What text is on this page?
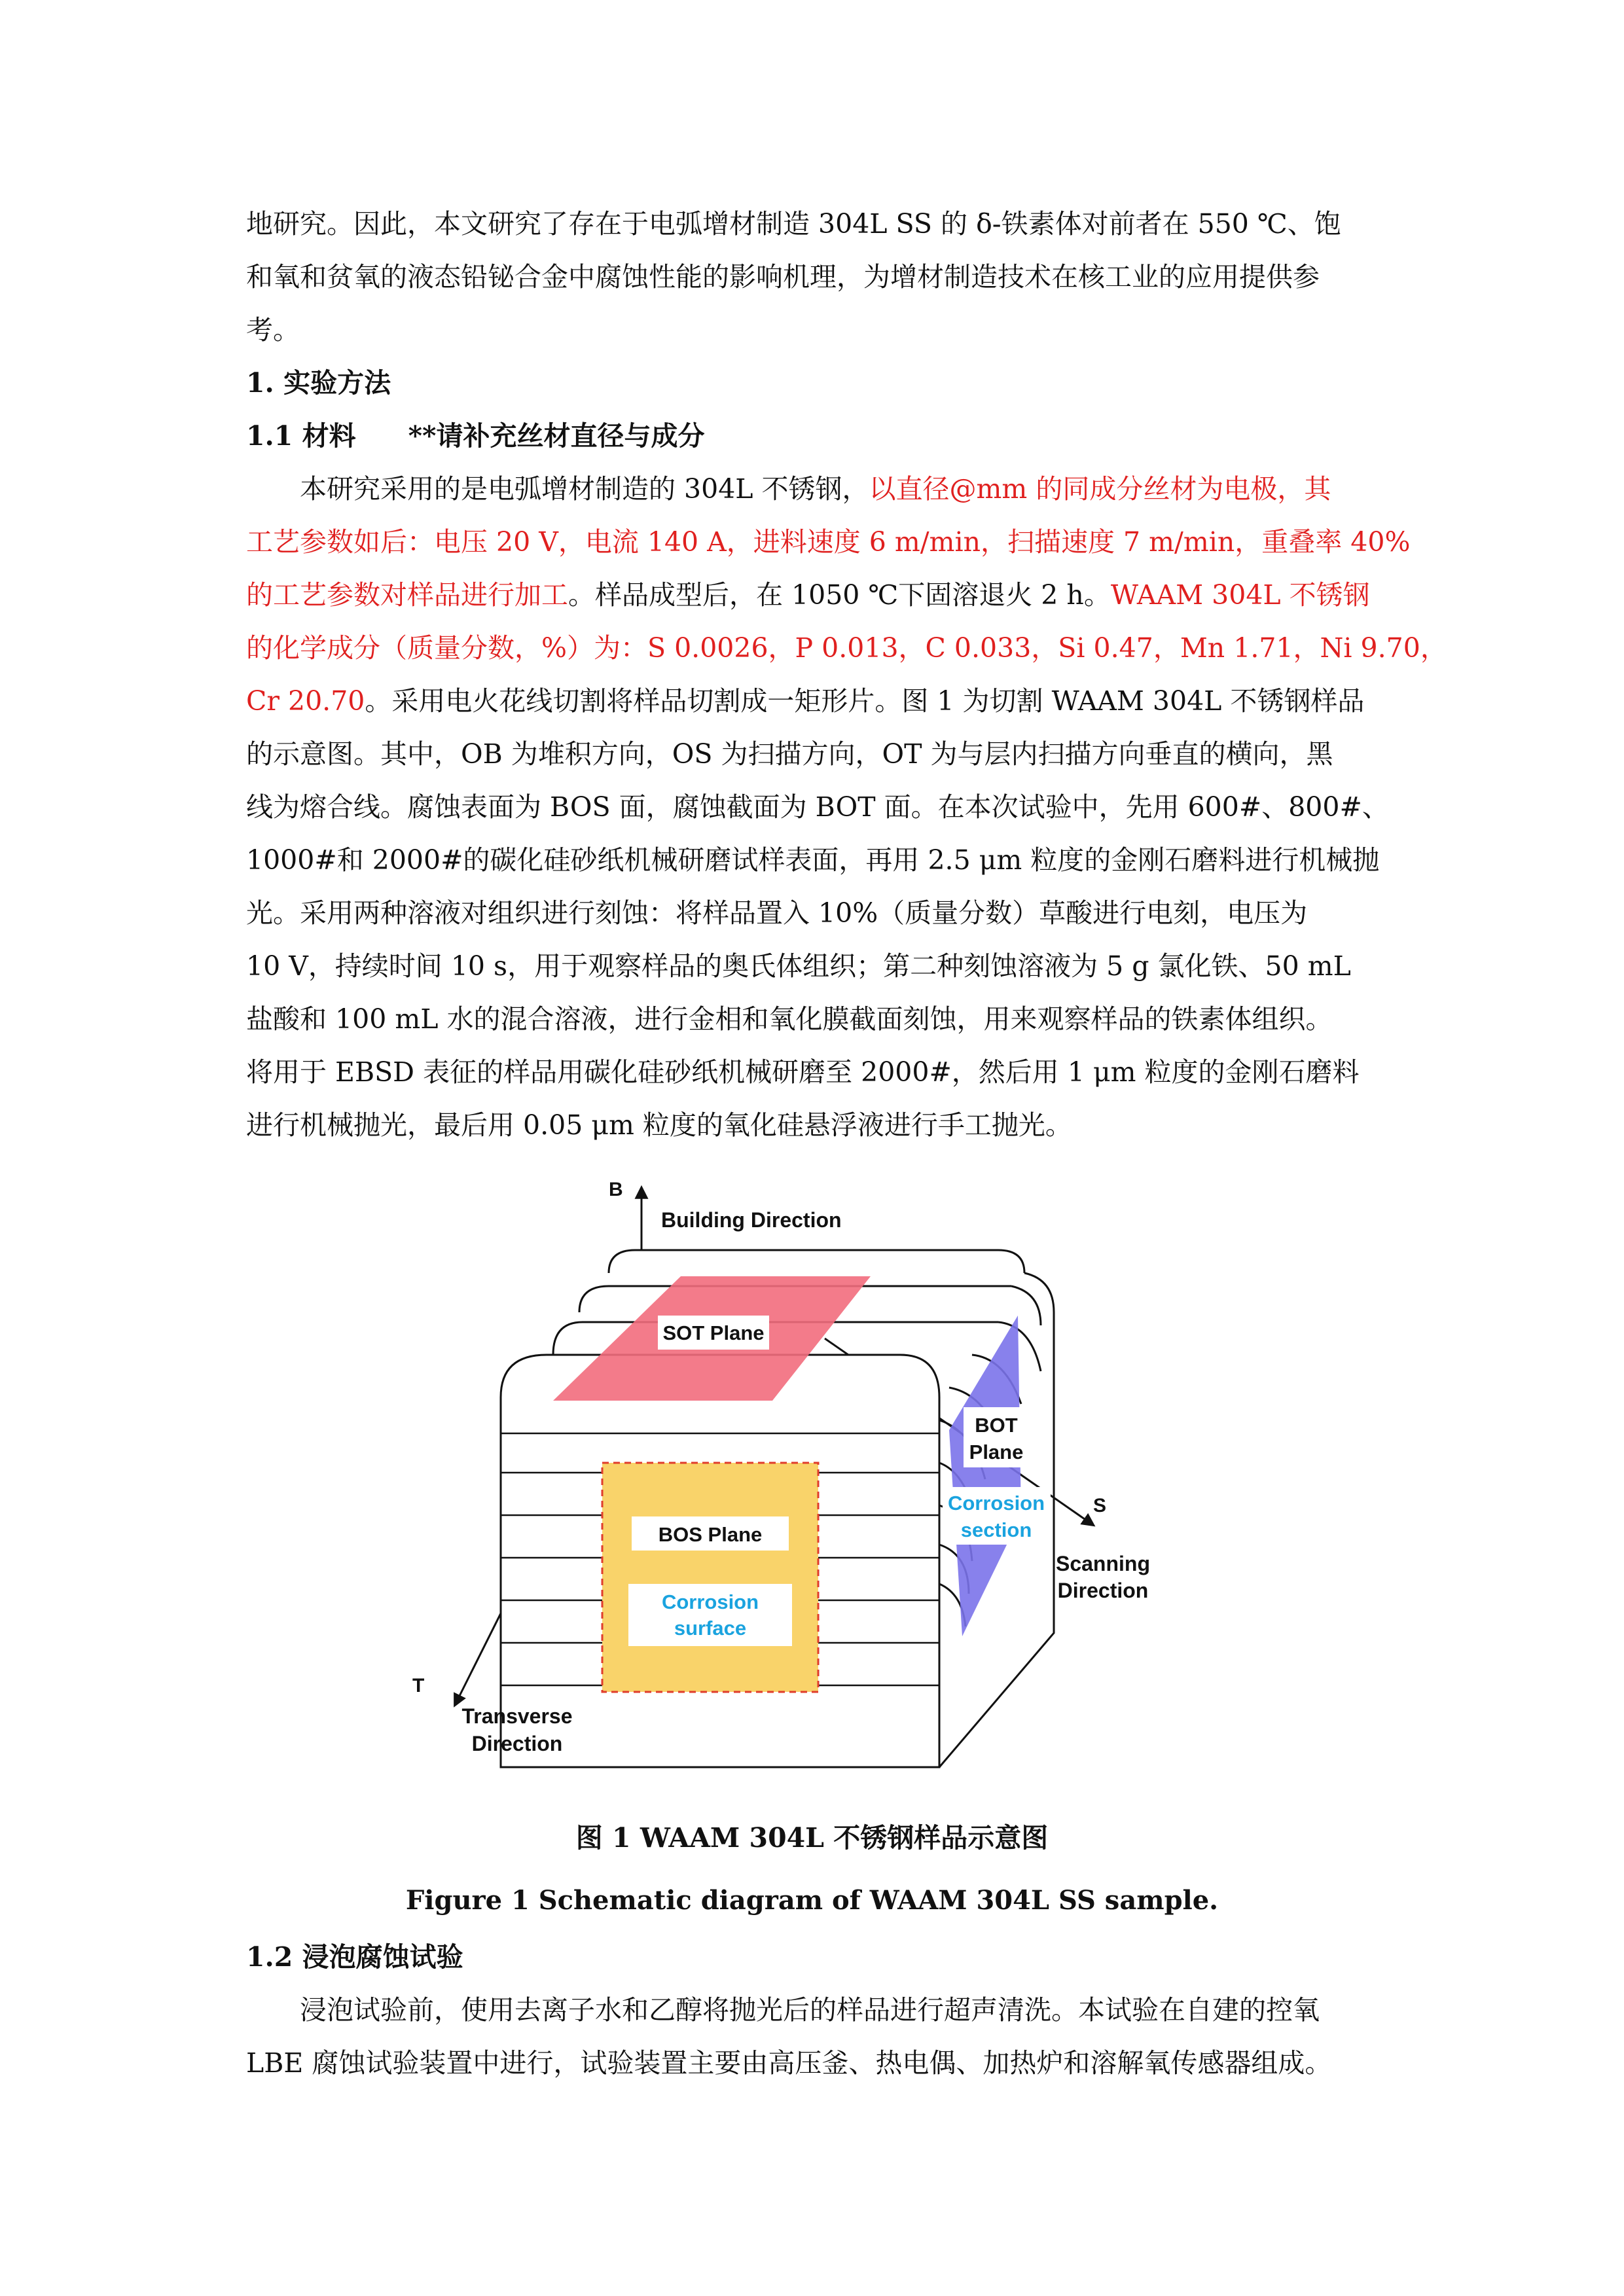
地研究。因此，本文研究了存在于电弧增材制造 304L SS 的 δ-铁素体对前者在 550 ℃、饱
和氧和贫氧的液态铅铋合金中腐蚀性能的影响机理，为增材制造技术在核工业的应用提供参
考。
1. 实验方法
1.1 材料 **请补充丝材直径与成分
本研究采用的是电弧增材制造的 304L 不锈钢，以直径@mm 的同成分丝材为电极，其
工艺参数如后：电压 20 V，电流 140 A，进料速度 6 m/min，扫描速度 7 m/min，重叠率 40%
的工艺参数对样品进行加工。样品成型后，在 1050 ℃下固溶退火 2 h。WAAM 304L 不锈钢
的化学成分（质量分数，%）为：S 0.0026，P 0.013，C 0.033，Si 0.47，Mn 1.71，Ni 9.70，
Cr 20.70。采用电火花线切割将样品切割成一矩形片。图 1 为切割 WAAM 304L 不锈钢样品
的示意图。其中，OB 为堆积方向，OS 为扫描方向，OT 为与层内扫描方向垂直的横向，黑
线为熔合线。腐蚀表面为 BOS 面，腐蚀截面为 BOT 面。在本次试验中，先用 600#、800#、
1000#和 2000#的碳化硅砂纸机械研磨试样表面，再用 2.5 μm 粒度的金刚石磨料进行机械抛
光。采用两种溶液对组织进行刻蚀：将样品置入 10%（质量分数）草酸进行电刻，电压为
10 V，持续时间 10 s，用于观察样品的奥氏体组织；第二种刻蚀溶液为 5 g 氯化铁、50 mL
盐酸和 100 mL 水的混合溶液，进行金相和氧化膜截面刻蚀，用来观察样品的铁素体组织。
将用于 EBSD 表征的样品用碳化硅砂纸机械研磨至 2000#，然后用 1 μm 粒度的金刚石磨料
进行机械抛光，最后用 0.05 μm 粒度的氧化硅悬浮液进行手工抛光。
SOT Plane
BOT
Plane
Corrosion
section
BOS Plane
Corrosion
surface
B
Building Direction
S
Scanning
Direction
T
Transverse
Direction
图 1 WAAM 304L 不锈钢样品示意图
Figure 1 Schematic diagram of WAAM 304L SS sample.
1.2 浸泡腐蚀试验
浸泡试验前，使用去离子水和乙醇将抛光后的样品进行超声清洗。本试验在自建的控氧
LBE 腐蚀试验装置中进行，试验装置主要由高压釜、热电偶、加热炉和溶解氧传感器组成。
